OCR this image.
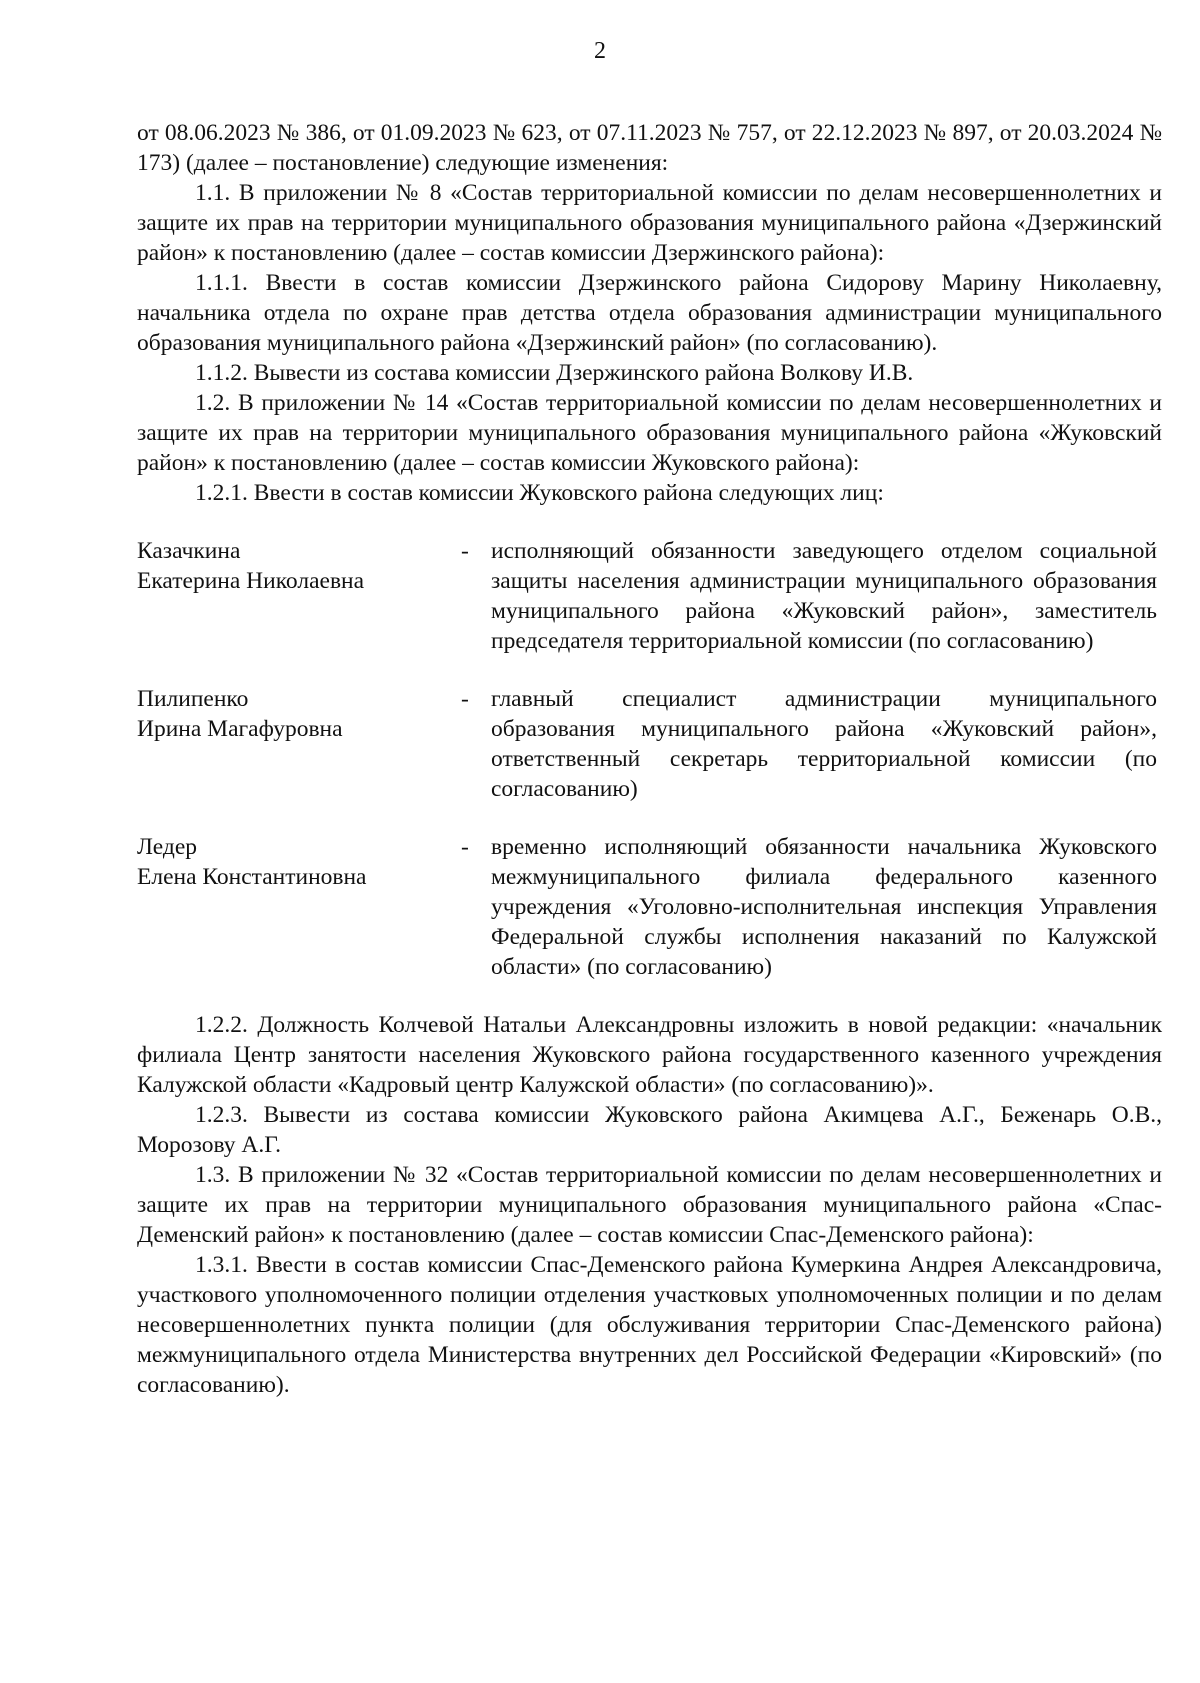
2

от 08.06.2023 № 386, от 01.09.2023 № 623, от 07.11.2023 № 757, от 22.12.2023 № 897, от 20.03.2024 № 173) (далее – постановление) следующие изменения:

1.1. В приложении № 8 «Состав территориальной комиссии по делам несовершеннолетних и защите их прав на территории муниципального образования муниципального района «Дзержинский район» к постановлению (далее – состав комиссии Дзержинского района):

1.1.1. Ввести в состав комиссии Дзержинского района Сидорову Марину Николаевну, начальника отдела по охране прав детства отдела образования администрации муниципального образования муниципального района «Дзержинский район» (по согласованию).

1.1.2. Вывести из состава комиссии Дзержинского района Волкову И.В.

1.2. В приложении № 14 «Состав территориальной комиссии по делам несовершеннолетних и защите их прав на территории муниципального образования муниципального района «Жуковский район» к постановлению (далее – состав комиссии Жуковского района):

1.2.1. Ввести в состав комиссии Жуковского района следующих лиц:

Казачкина
Екатерина Николаевна
- исполняющий обязанности заведующего отделом социальной защиты населения администрации муниципального образования муниципального района «Жуковский район», заместитель председателя территориальной комиссии (по согласованию)
Пилипенко
Ирина Магафуровна
- главный специалист администрации муниципального образования муниципального района «Жуковский район», ответственный секретарь территориальной комиссии (по согласованию)
Ледер
Елена Константиновна
- временно исполняющий обязанности начальника Жуковского межмуниципального филиала федерального казенного учреждения «Уголовно-исполнительная инспекция Управления Федеральной службы исполнения наказаний по Калужской области» (по согласованию)

1.2.2. Должность Колчевой Натальи Александровны изложить в новой редакции: «начальник филиала Центр занятости населения Жуковского района государственного казенного учреждения Калужской области «Кадровый центр Калужской области» (по согласованию)».

1.2.3. Вывести из состава комиссии Жуковского района Акимцева А.Г., Беженарь О.В., Морозову А.Г.

1.3. В приложении № 32 «Состав территориальной комиссии по делам несовершеннолетних и защите их прав на территории муниципального образования муниципального района «Спас-Деменский район» к постановлению (далее – состав комиссии Спас-Деменского района):

1.3.1. Ввести в состав комиссии Спас-Деменского района Кумеркина Андрея Александровича, участкового уполномоченного полиции отделения участковых уполномоченных полиции и по делам несовершеннолетних пункта полиции (для обслуживания территории Спас-Деменского района) межмуниципального отдела Министерства внутренних дел Российской Федерации «Кировский» (по согласованию).
